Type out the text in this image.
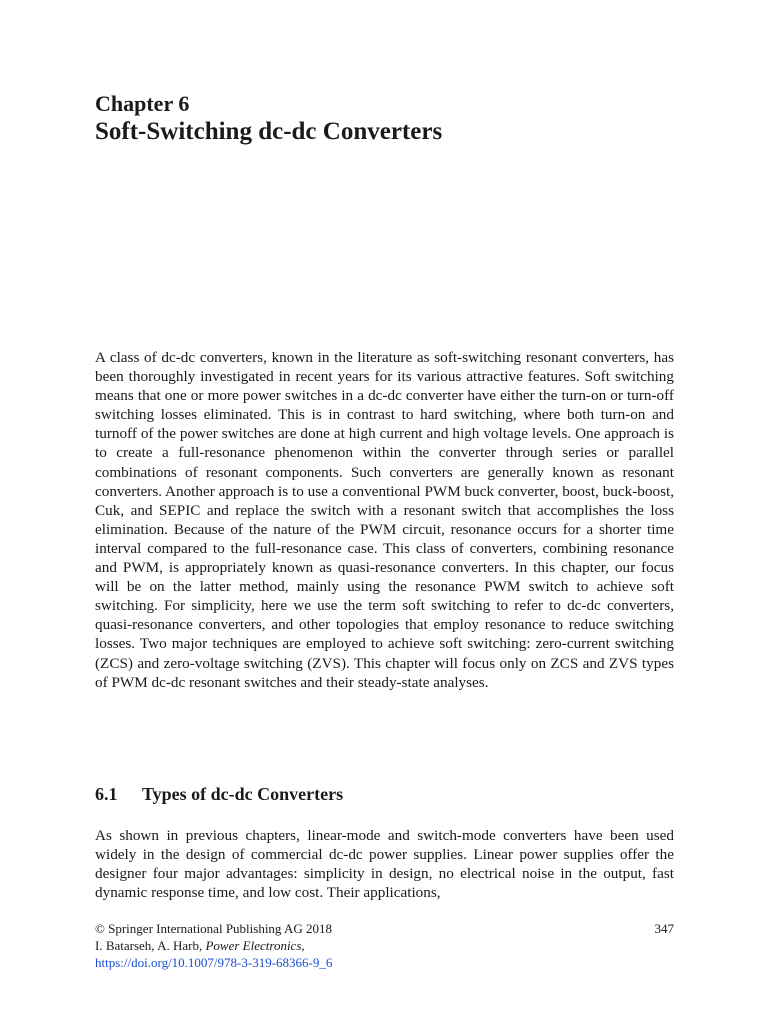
Chapter 6
Soft-Switching dc-dc Converters

A class of dc-dc converters, known in the literature as soft-switching resonant converters, has been thoroughly investigated in recent years for its various attractive features. Soft switching means that one or more power switches in a dc-dc converter have either the turn-on or turn-off switching losses eliminated. This is in contrast to hard switching, where both turn-on and turnoff of the power switches are done at high current and high voltage levels. One approach is to create a full-resonance phenomenon within the converter through series or parallel combinations of resonant components. Such converters are generally known as resonant converters. Another approach is to use a conventional PWM buck converter, boost, buck-boost, Cuk, and SEPIC and replace the switch with a resonant switch that accomplishes the loss elimination. Because of the nature of the PWM circuit, resonance occurs for a shorter time interval compared to the full-resonance case. This class of converters, combining resonance and PWM, is appropriately known as quasi-resonance converters. In this chapter, our focus will be on the latter method, mainly using the resonance PWM switch to achieve soft switching. For simplicity, here we use the term soft switching to refer to dc-dc converters, quasi-resonance converters, and other topologies that employ resonance to reduce switching losses. Two major techniques are employed to achieve soft switching: zero-current switching (ZCS) and zero-voltage switching (ZVS). This chapter will focus only on ZCS and ZVS types of PWM dc-dc resonant switches and their steady-state analyses.

6.1 Types of dc-dc Converters

As shown in previous chapters, linear-mode and switch-mode converters have been used widely in the design of commercial dc-dc power supplies. Linear power supplies offer the designer four major advantages: simplicity in design, no electrical noise in the output, fast dynamic response time, and low cost. Their applications,

347
© Springer International Publishing AG 2018
I. Batarseh, A. Harb, Power Electronics,
https://doi.org/10.1007/978-3-319-68366-9_6
